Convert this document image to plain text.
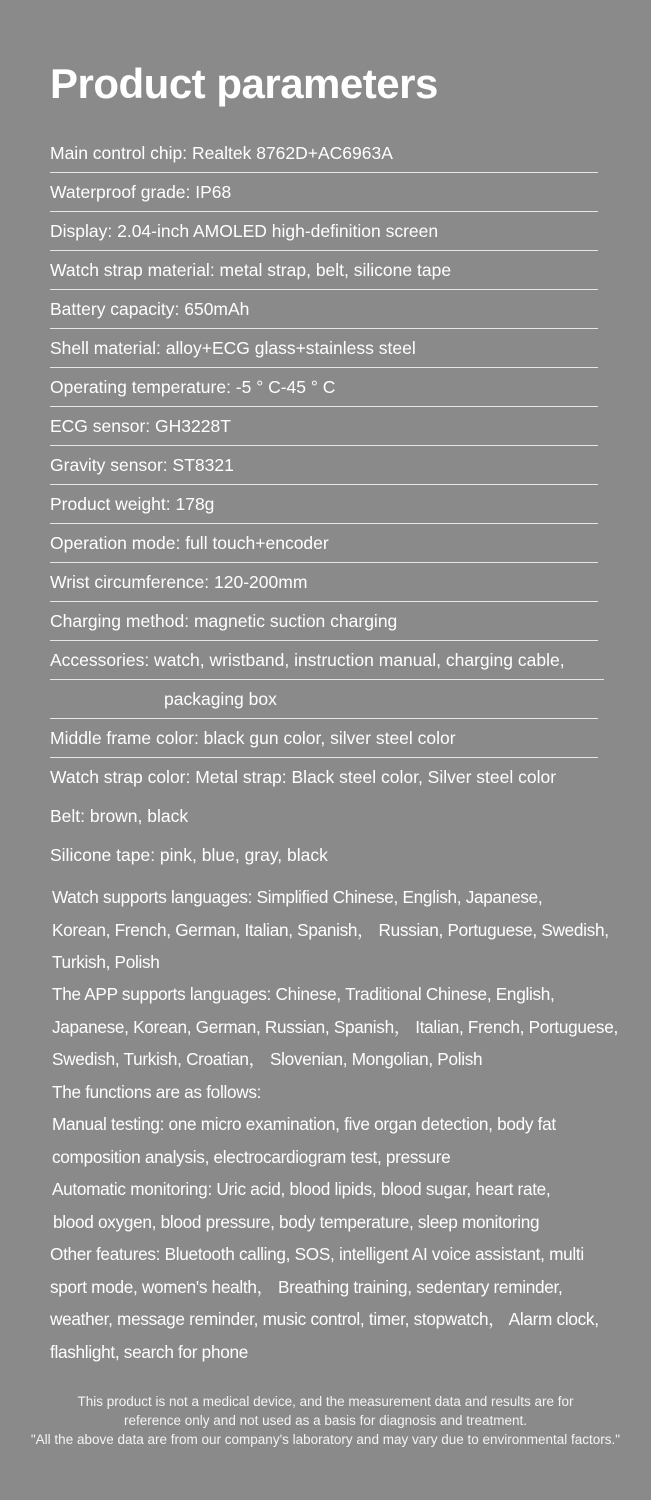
Product parameters
Main control chip: Realtek 8762D+AC6963A
Waterproof grade: IP68
Display: 2.04-inch AMOLED high-definition screen
Watch strap material: metal strap, belt, silicone tape
Battery capacity: 650mAh
Shell material: alloy+ECG glass+stainless steel
Operating temperature: -5 ° C-45 ° C
ECG sensor: GH3228T
Gravity sensor: ST8321
Product weight: 178g
Operation mode: full touch+encoder
Wrist circumference: 120-200mm
Charging method: magnetic suction charging
Accessories: watch, wristband, instruction manual, charging cable,
packaging box
Middle frame color: black gun color, silver steel color
Watch strap color: Metal strap: Black steel color, Silver steel color
Belt: brown, black
Silicone tape: pink, blue, gray, black
Watch supports languages: Simplified Chinese, English, Japanese,
Korean, French, German, Italian, Spanish， Russian, Portuguese, Swedish,
Turkish, Polish
The APP supports languages: Chinese, Traditional Chinese, English,
Japanese, Korean, German, Russian, Spanish， Italian, French, Portuguese,
Swedish, Turkish, Croatian， Slovenian, Mongolian, Polish
The functions are as follows:
Manual testing: one micro examination, five organ detection, body fat
composition analysis, electrocardiogram test, pressure
Automatic monitoring: Uric acid, blood lipids, blood sugar, heart rate,
blood oxygen, blood pressure, body temperature, sleep monitoring
Other features: Bluetooth calling, SOS, intelligent AI voice assistant, multi
sport mode, women's health， Breathing training, sedentary reminder,
weather, message reminder, music control, timer, stopwatch， Alarm clock,
flashlight, search for phone
This product is not a medical device, and the measurement data and results are for
reference only and not used as a basis for diagnosis and treatment.
"All the above data are from our company's laboratory and may vary due to environmental factors."
